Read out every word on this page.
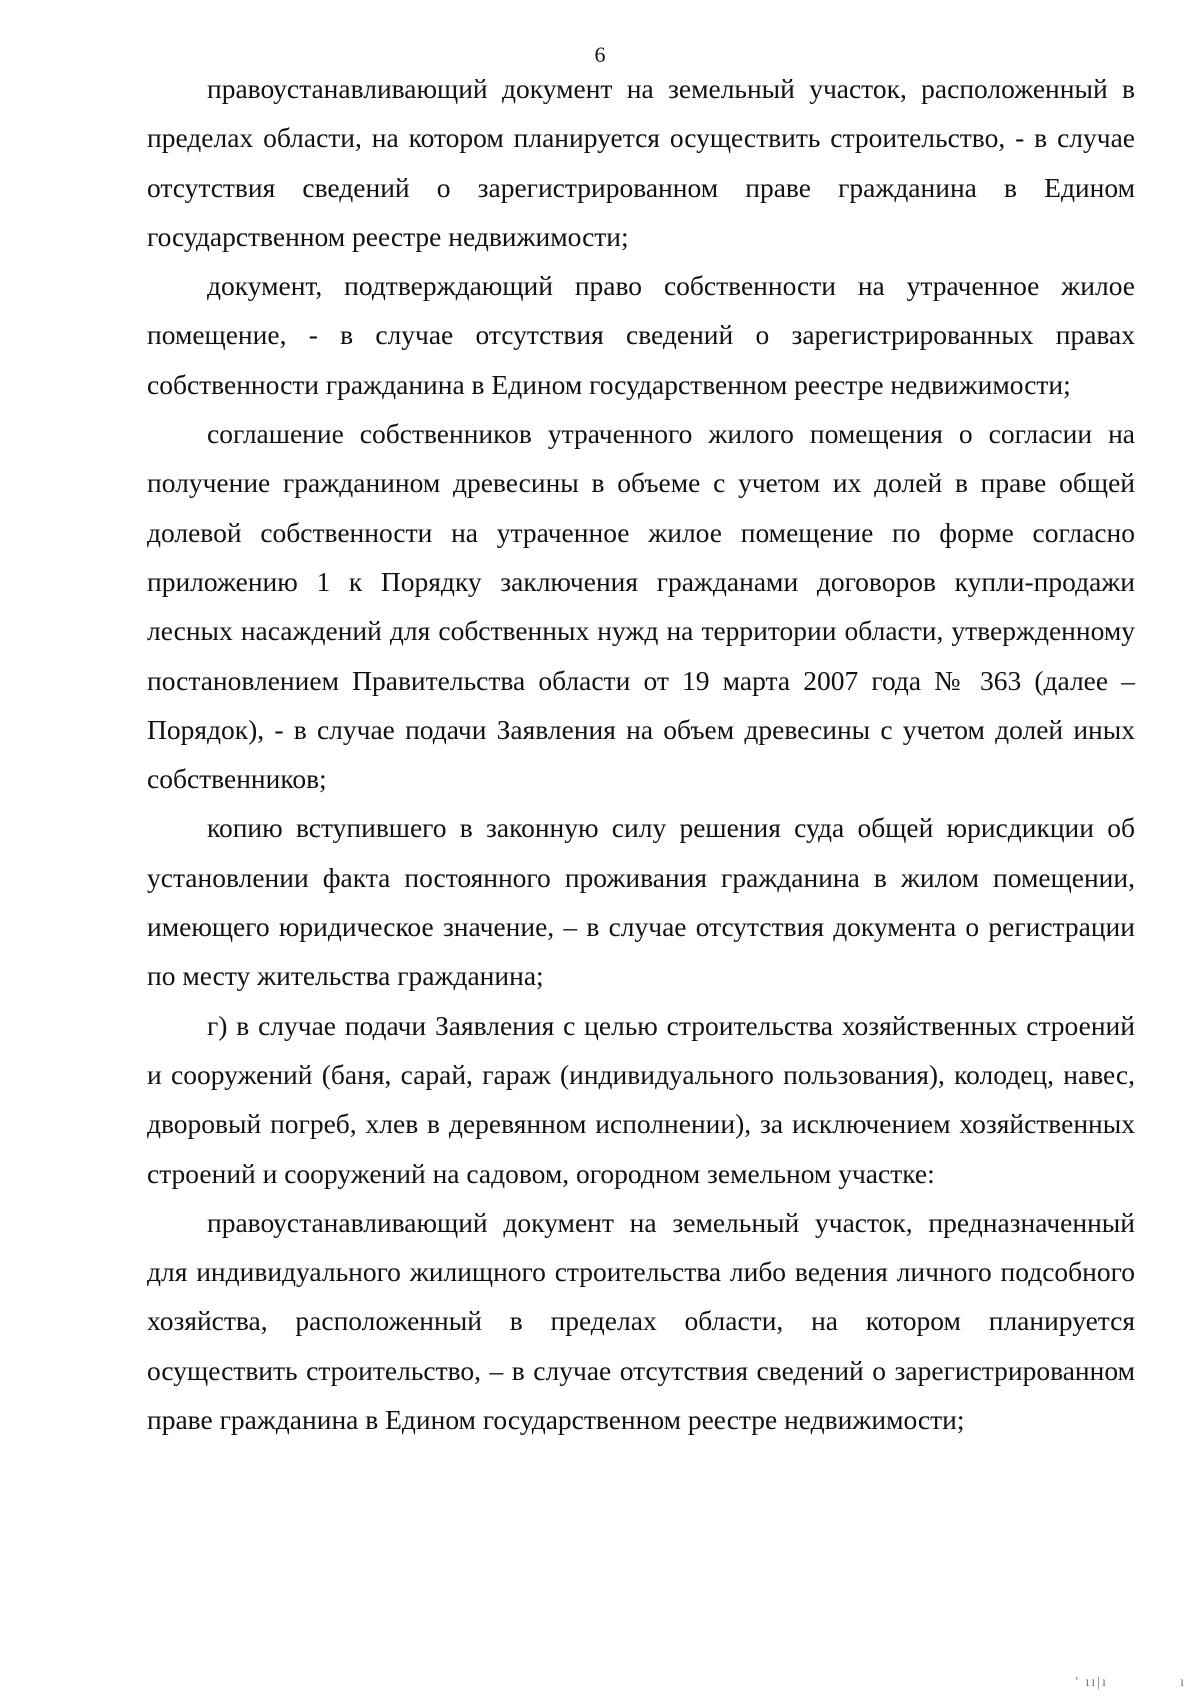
6

правоустанавливающий документ на земельный участок, расположенный в пределах области, на котором планируется осуществить строительство, - в случае отсутствия сведений о зарегистрированном праве гражданина в Едином государственном реестре недвижимости;

документ, подтверждающий право собственности на утраченное жилое помещение, - в случае отсутствия сведений о зарегистрированных правах собственности гражданина в Едином государственном реестре недвижимости;

соглашение собственников утраченного жилого помещения о согласии на получение гражданином древесины в объеме с учетом их долей в праве общей долевой собственности на утраченное жилое помещение по форме согласно приложению 1 к Порядку заключения гражданами договоров купли-продажи лесных насаждений для собственных нужд на территории области, утвержденному постановлением Правительства области от 19 марта 2007 года № 363 (далее – Порядок), - в случае подачи Заявления на объем древесины с учетом долей иных собственников;

копию вступившего в законную силу решения суда общей юрисдикции об установлении факта постоянного проживания гражданина в жилом помещении, имеющего юридическое значение, – в случае отсутствия документа о регистрации по месту жительства гражданина;

г) в случае подачи Заявления с целью строительства хозяйственных строений и сооружений (баня, сарай, гараж (индивидуального пользования), колодец, навес, дворовый погреб, хлев в деревянном исполнении), за исключением хозяйственных строений и сооружений на садовом, огородном земельном участке:

правоустанавливающий документ на земельный участок, предназначенный для индивидуального жилищного строительства либо ведения личного подсобного хозяйства, расположенный в пределах области, на котором планируется осуществить строительство, – в случае отсутствия сведений о зарегистрированном праве гражданина в Едином государственном реестре недвижимости;

' ıı|ı	ı
